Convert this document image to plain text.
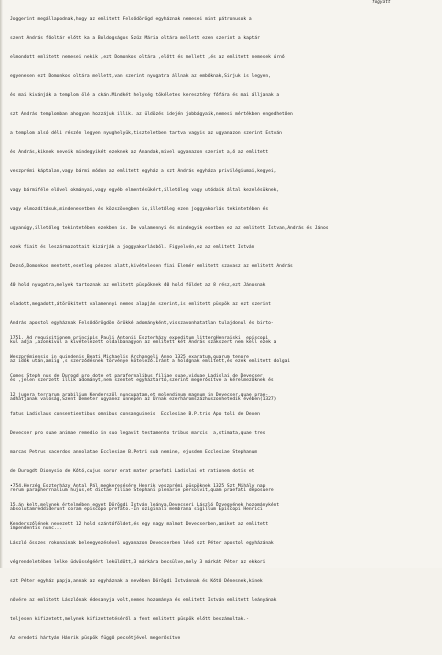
fogyatt

Joggerint megállapodnak,hogy az emlitett Felsődörögd egyháznak nemesei mint pátronusok a

szent András főoltár előtt ka a Boldogságos Szűz Mária oltára mellett ezen szerint a kaptár

elmondott emlitett nemesei nekik ,ezt Domonkos oltára ,előtt és mellett ,és az emlitett nemesek úrnő

egyenesen ezt Domonkos oltára mellett,van szerint nyugatra állnak az embőknak,Sirjuk is legyen,

és mai kivánják a templom ölé a ckán.Mindkét helység tökéletes keresztény főfára és mai álljanak a

szt András templomban ahogyan hozzájuk illik. az üldözés idején jobbágyaik,nemesi mértékben engedhetően

a templom alsó déli részén legyen nyughelyük,tiszteletben tartva vagyis az ugyanazon szerint Estván

és András,kiknek neveik mindegyikét ezeknek az Anandak,mivel ugyanazon szerint a,ő az emlitett

veszprémi káptalan,vagy bármi módon az emlitett egyház a szt András egyháza privilégiumai,kegyei,

vagy bármiféle elővel okmányai,vagy egyéb elmentésükért,illetőleg vagy utódaik által kezelésüknek,

vagy elmozdításuk,mindenesetben és közszövegben is,illetőleg ezen joggyakorlás tekintetében és

ugyanúgy,illetőleg tekintetében ezekben is. De valamennyi és mindegyik esetben ez az emlitett Istvan,András és János

ezek fiait és leszármazottait kizárják a joggyakorlásból. Figyelvén,ez az emlitett István

Dezső,Domonkos mentett,esetleg pénzes alatt,kivételesen fiai Elemér emlitett szavasz az emlitett András

40 hold nyugatra,melyek tartoznak az emlitett püspöknek 40 hold földet az 8 rész,ezt Jánosnak

eladott,megadott,átörökített valamennyi nemes alapján szerint,is emlitett püspök az ezt szerint

András apostol egyháznak Felsődörögdön örökké adományként,visszavonhatatlan tulajdonul és birto-

kul adja ,azonkívül a kivételezett oldalbanagyon az emlitett két András szakszert nem kell ezek a

az idők után,amiig ,s szerződésnek törvénye kötelező.Iránt a holdgnak emlitett,és ezek emlitett dolgai

és ,jelen szerzett illik adományt,nem szentet egyháztartó,szerint megerősítve a kérelmezőknek és

adhatjanak valóság,Szent Demeter ugyanez ünnepén az Urnak ezerháromszázhuszonhetedik évében(1327)

1751. Ad requisitionem principis Pauli Antonii Eszterházy expeditum littergHenraiski  episcopi

Weszprémiensis in quindenis Beati Michaelis Archangeli Anno 1325 exaratum,quarum tenore

Comes Steph nus de Durogd pro dote et parafernalibus filiae suae,viduae Ladislai de Devecser

12 jugera terrarum arabilium Kenderszöl nuncupatam,et molendinum magnum in Devecser,quae prae-

fatus Ladislaus consentientibus omnibus consanguineis  Ecclesiae B.P.tris Apo toli de Dexen

Devecser pro suae animae remedio in suo legavit testamento tribus marcis  a,stimata,quae tres

marcas Petrus sacerdos annolatae Ecclesiae B.Petri sub nemine, ejusdem Ecclesiae Stephanum

de Durogdt Dionysio de Kőtó,cujus soror erat mater praefati Ladislai et rationem dotis et

rerum parapherrnalium hujus,et dictae filiae Stephani plenarie persolvit,quam praefati deposuere

absolutamreddiderunt coram episcopo prefato.-In oziginali membrana sigillum Episcopi Henrici

impendentis nunc...

•754.Herzég Eszterházy Antal Pál megkeresésére Henrik veszprémi püspöknek 1325 Szt Mihály nap

15.án kelt,melynek értelmében egyet Dörögdi István leánya,Devecseri László Özvegyének hozományként

Kenderszőlének nevezett 12 hold szántóföldet,és egy nagy malmot Devecserben,amiket az emlitett

László összes rokonainak beleegyezésével ugyanazon Devecserben lévő szt Péter apostol egyházának

végrendeletében lelke üdvösségéért leküldött,3 márkára becsülve,mely 3 márkát Péter az ekkori

szt Péter egyház papja,annak az egyháznak a nevében Dörögdi Istvánnak és Kőtő Dénesnek,kinek

nővére az emlitett Lászlónak édesanyja volt,nemes hozománya és emlitett István emlitett leányának

teljesen kifizetett,melynek kifizettetéséről a fent emlitett püspök előtt beszámoltak.-

Az eredeti hártyán Hánrik püspök függő pecsétjével megerősítve
